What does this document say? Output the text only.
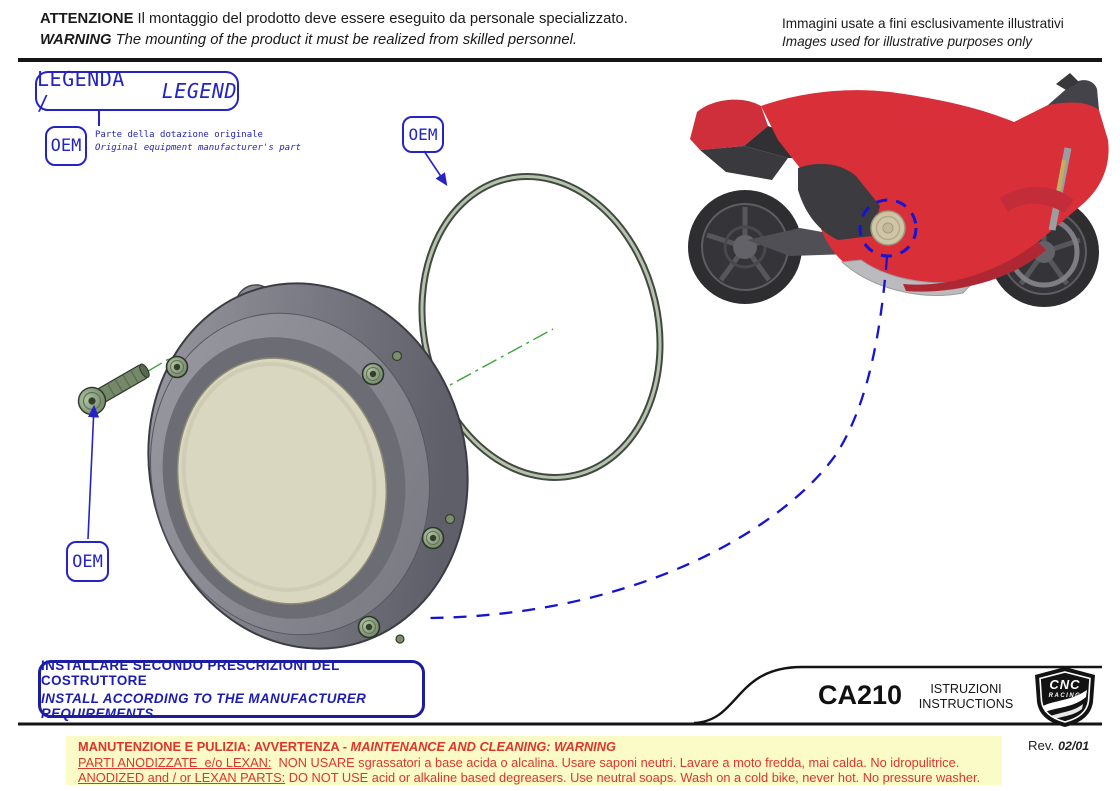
CNC
RACING
ATTENZIONE Il montaggio del prodotto deve essere eseguito da personale specializzato.
WARNING The mounting of the product it must be realized from skilled personnel.
Immagini usate a fini esclusivamente illustrativi
Images used for illustrative purposes only
LEGENDA /
	LEGEND
OEM
Parte della dotazione originale
Original equipment manufacturer's part
OEM
OEM
INSTALLARE SECONDO PRESCRIZIONI DEL COSTRUTTORE
INSTALL ACCORDING TO THE MANUFACTURER REQUIREMENTS
CA210	ISTRUZIONI
INSTRUCTIONS
Rev. 02/01
MANUTENZIONE E PULIZIA: AVVERTENZA - MAINTENANCE AND CLEANING: WARNING
PARTI ANODIZZATE  e/o LEXAN:  NON USARE sgrassatori a base acida o alcalina. Usare saponi neutri. Lavare a moto fredda, mai calda. No idropulitrice.
ANODIZED and / or LEXAN PARTS: DO NOT USE acid or alkaline based degreasers. Use neutral soaps. Wash on a cold bike, never hot. No pressure washer.
